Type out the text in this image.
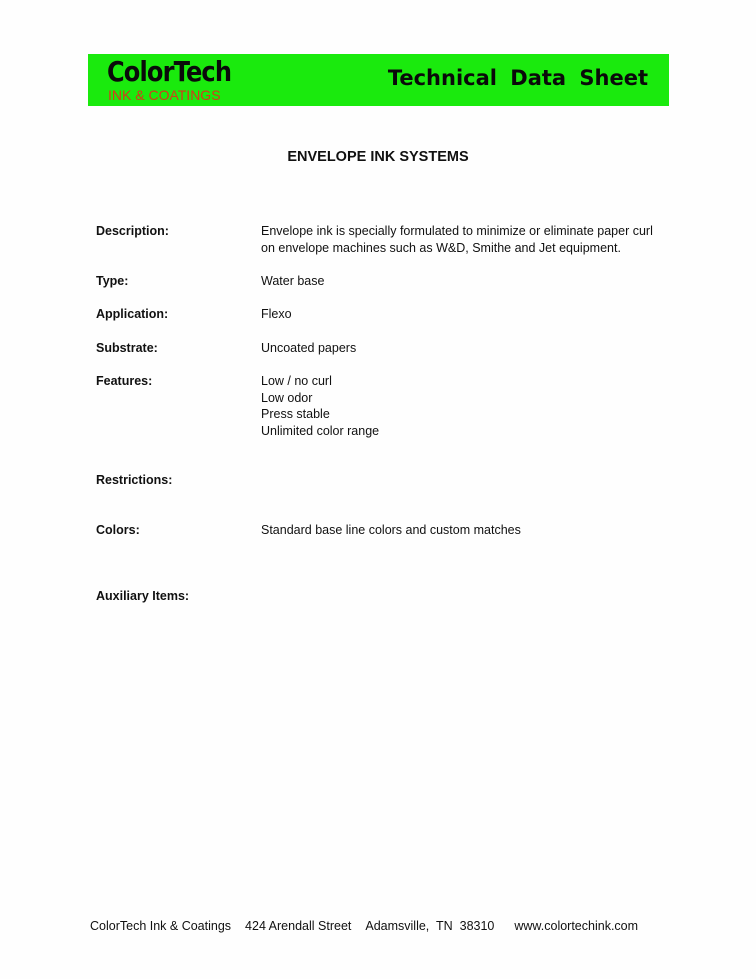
ColorTech
INK & COATINGS
Technical Data Sheet
ENVELOPE INK SYSTEMS
Description:	Envelope ink is specially formulated to minimize or eliminate paper curl
on envelope machines such as W&D, Smithe and Jet equipment.
Type:	Water base
Application:	Flexo
Substrate:	Uncoated papers
Features:	Low / no curl
Low odor
Press stable
Unlimited color range
Restrictions:
Colors:	Standard base line colors and custom matches
Auxiliary Items:
ColorTech Ink & Coatings 424 Arendall Street Adamsville,  TN  38310 www.colortechink.com
